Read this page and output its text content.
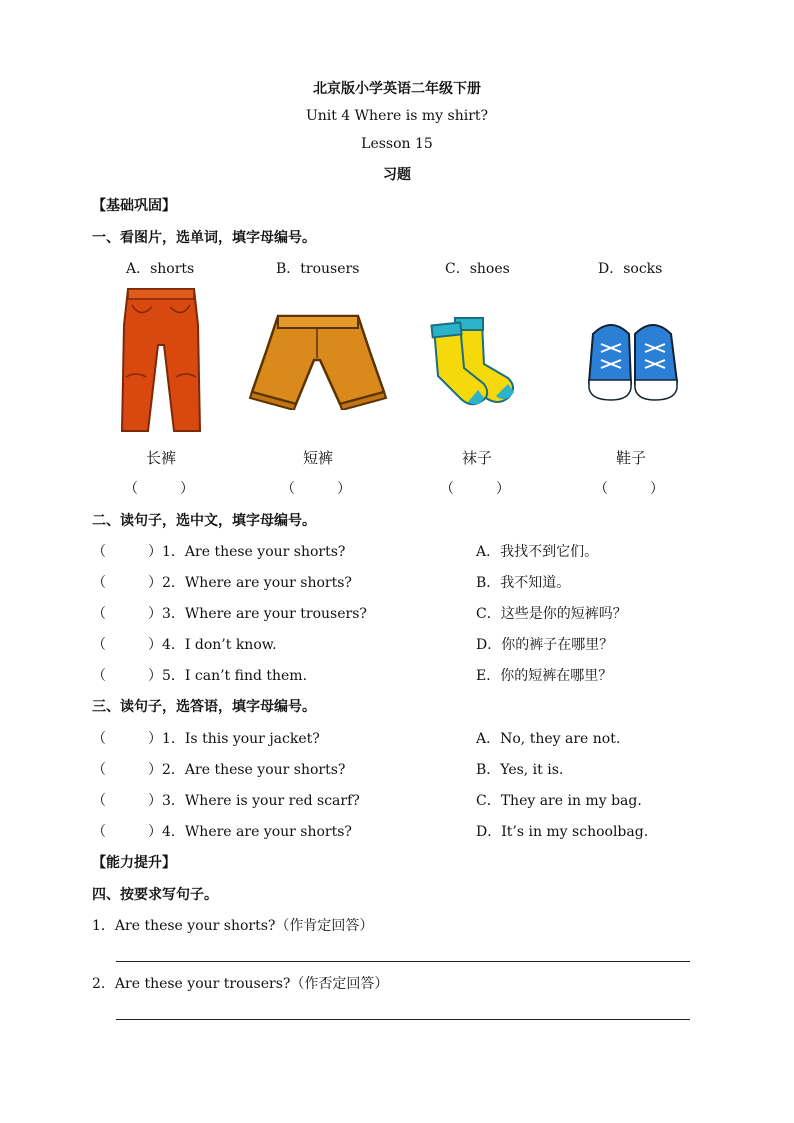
北京版小学英语二年级下册
Unit 4 Where is my shirt?
Lesson 15
习题
【基础巩固】
一、看图片，选单词，填字母编号。
A．shorts	B．trousers	C．shoes	D．socks
长裤	短裤	袜子	鞋子
（　　　）	（　　　）	（　　　）	（　　　）
二、读句子，选中文，填字母编号。
（　　　）1．Are these your shorts?	A．我找不到它们。
（　　　）2．Where are your shorts?	B．我不知道。
（　　　）3．Where are your trousers?	C．这些是你的短裤吗？
（　　　）4．I don’t know.	D．你的裤子在哪里？
（　　　）5．I can’t find them.	E．你的短裤在哪里？
三、读句子，选答语，填字母编号。
（　　　）1．Is this your jacket?	A．No, they are not.
（　　　）2．Are these your shorts?	B．Yes, it is.
（　　　）3．Where is your red scarf?	C．They are in my bag.
（　　　）4．Where are your shorts?	D．It’s in my schoolbag.
【能力提升】
四、按要求写句子。
1．Are these your shorts?（作肯定回答）
2．Are these your trousers?（作否定回答）
